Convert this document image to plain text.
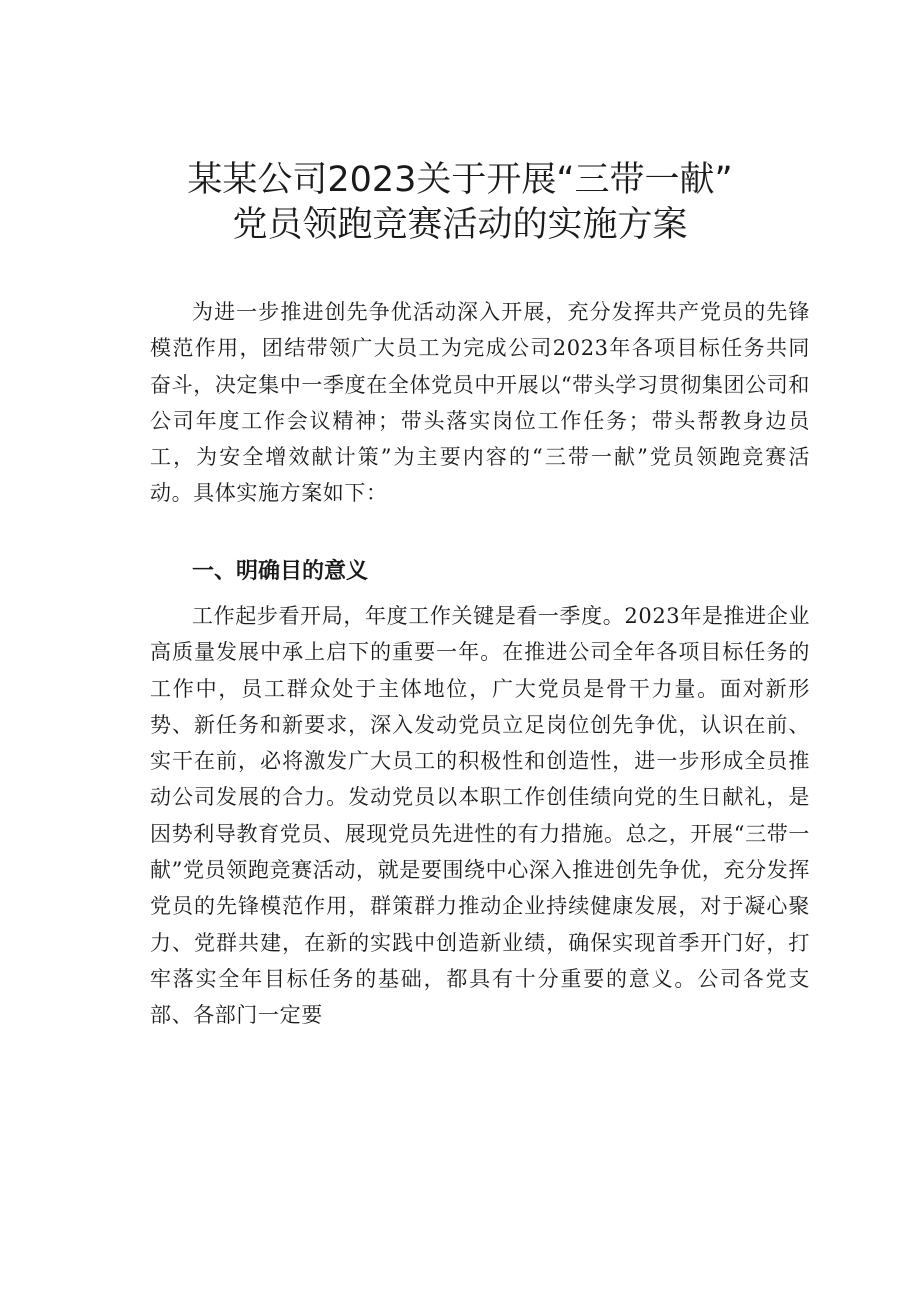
某某公司2023关于开展“三带一献”
党员领跑竞赛活动的实施方案

为进一步推进创先争优活动深入开展，充分发挥共产党员的先锋模范作用，团结带领广大员工为完成公司2023年各项目标任务共同奋斗，决定集中一季度在全体党员中开展以“带头学习贯彻集团公司和公司年度工作会议精神；带头落实岗位工作任务；带头帮教身边员工，为安全增效献计策”为主要内容的“三带一献”党员领跑竞赛活动。具体实施方案如下：

一、明确目的意义

工作起步看开局，年度工作关键是看一季度。2023年是推进企业高质量发展中承上启下的重要一年。在推进公司全年各项目标任务的工作中，员工群众处于主体地位，广大党员是骨干力量。面对新形势、新任务和新要求，深入发动党员立足岗位创先争优，认识在前、实干在前，必将激发广大员工的积极性和创造性，进一步形成全员推动公司发展的合力。发动党员以本职工作创佳绩向党的生日献礼，是因势利导教育党员、展现党员先进性的有力措施。总之，开展“三带一献”党员领跑竞赛活动，就是要围绕中心深入推进创先争优，充分发挥党员的先锋模范作用，群策群力推动企业持续健康发展，对于凝心聚力、党群共建，在新的实践中创造新业绩，确保实现首季开门好，打牢落实全年目标任务的基础，都具有十分重要的意义。公司各党支部、各部门一定要
